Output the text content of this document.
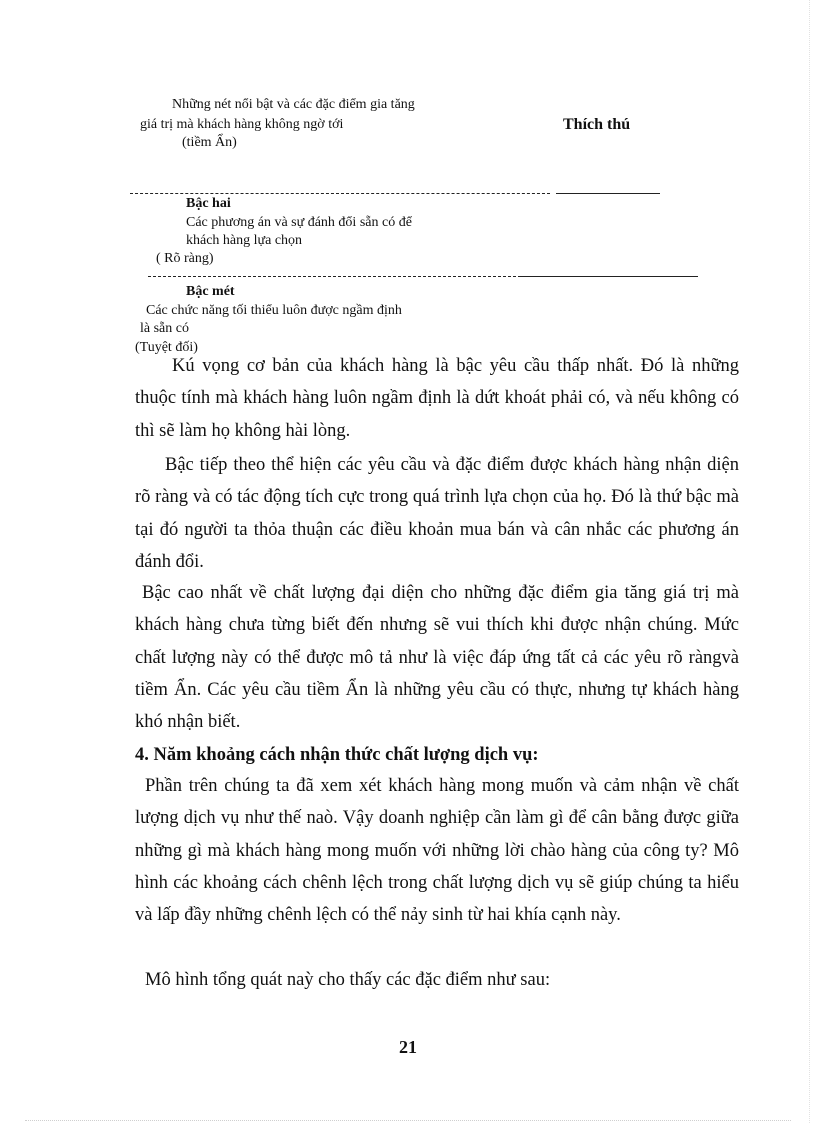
Những nét nổi bật và các đặc điểm gia tăng
giá trị mà khách hàng không ngờ tới
(tiềm Ẩn)
Thích thú
Bậc hai
Các phương án và sự đánh đổi sẵn có để
khách hàng lựa chọn
( Rõ ràng)
Bậc mét
Các chức năng tối thiểu luôn được ngầm định
là sẵn có
(Tuyệt đối)

Kú vọng cơ bản của khách hàng là bậc yêu cầu thấp nhất. Đó là những thuộc tính mà khách hàng luôn ngầm định là dứt khoát phải có, và nếu không có thì sẽ làm họ không hài lòng.

Bậc tiếp theo thể hiện các yêu cầu và đặc điểm được khách hàng nhận diện rõ ràng và có tác động tích cực trong quá trình lựa chọn của họ. Đó là thứ bậc mà tại đó người ta thỏa thuận các điều khoản mua bán và cân nhắc các phương án đánh đổi.

Bậc cao nhất về chất lượng đại diện cho những đặc điểm gia tăng giá trị mà khách hàng chưa từng biết đến nhưng sẽ vui thích khi được nhận chúng. Mức chất lượng này có thể được mô tả như là việc đáp ứng tất cả các yêu rõ ràngvà tiềm Ẩn. Các yêu cầu tiềm Ẩn là những yêu cầu có thực, nhưng tự khách hàng khó nhận biết.

4. Năm khoảng cách nhận thức chất lượng dịch vụ:

Phần trên chúng ta đã xem xét khách hàng mong muốn và cảm nhận về chất lượng dịch vụ như thế naò. Vậy doanh nghiệp cần làm gì để cân bằng được giữa những gì mà khách hàng mong muốn với những lời chào hàng của công ty? Mô hình các khoảng cách chênh lệch trong chất lượng dịch vụ sẽ giúp chúng ta hiểu và lấp đầy những chênh lệch có thể nảy sinh từ hai khía cạnh này.

Mô hình tổng quát naỳ cho thấy các đặc điểm như sau:

21
